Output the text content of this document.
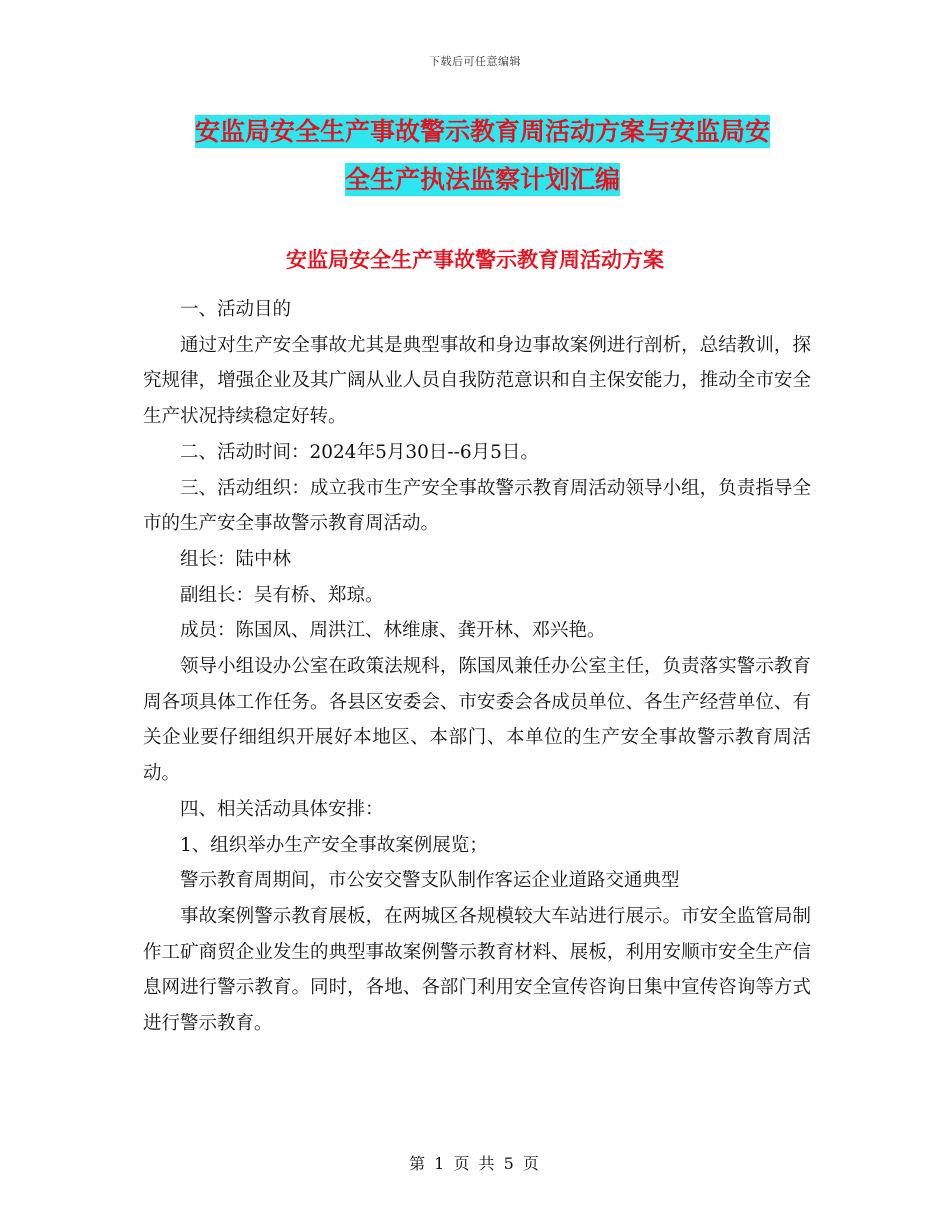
下载后可任意编辑
安监局安全生产事故警示教育周活动方案与安监局安
全生产执法监察计划汇编
安监局安全生产事故警示教育周活动方案

一、活动目的

通过对生产安全事故尤其是典型事故和身边事故案例进行剖析，总结教训，探究规律，增强企业及其广阔从业人员自我防范意识和自主保安能力，推动全市安全生产状况持续稳定好转。

二、活动时间：2024年5月30日--6月5日。

三、活动组织：成立我市生产安全事故警示教育周活动领导小组，负责指导全市的生产安全事故警示教育周活动。

组长：陆中林

副组长：吴有桥、郑琼。

成员：陈国凤、周洪江、林维康、龚开林、邓兴艳。

领导小组设办公室在政策法规科，陈国凤兼任办公室主任，负责落实警示教育周各项具体工作任务。各县区安委会、市安委会各成员单位、各生产经营单位、有关企业要仔细组织开展好本地区、本部门、本单位的生产安全事故警示教育周活动。

四、相关活动具体安排：

1、组织举办生产安全事故案例展览；

警示教育周期间，市公安交警支队制作客运企业道路交通典型

事故案例警示教育展板，在两城区各规模较大车站进行展示。市安全监管局制作工矿商贸企业发生的典型事故案例警示教育材料、展板，利用安顺市安全生产信息网进行警示教育。同时，各地、各部门利用安全宣传咨询日集中宣传咨询等方式进行警示教育。

第 1 页 共 5 页
